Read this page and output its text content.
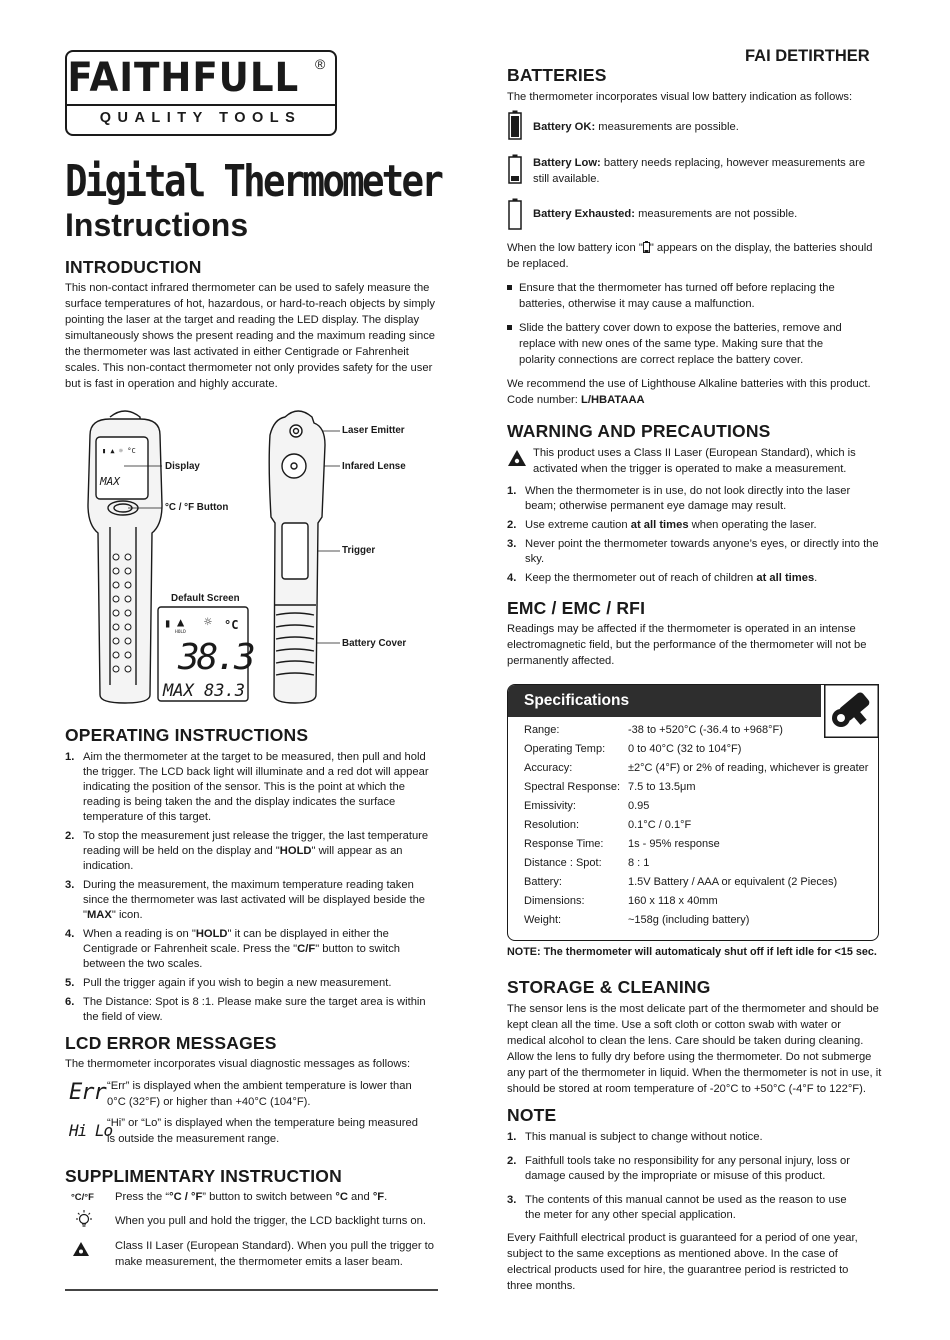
FAITHFULL ®
QUALITY TOOLS
Digital Thermometer
Instructions
INTRODUCTION

This non-contact infrared thermometer can be used to safely measure the surface temperatures of hot, hazardous, or hard-to-reach objects by simply pointing the laser at the target and reading the LED display. The display simultaneously shows the present reading and the maximum reading since the thermometer was last activated in either Centigrade or Fahrenheit scales. This non-contact thermometer not only provides safety for the user but is fast in operation and highly accurate.

▮ ▲ ☼ °C
MAX
▮ ▲
HOLD
☼ °C
38.3
MAX 83.3
Display
°C / °F Button
Laser Emitter
Infared Lense
Trigger
Battery Cover
Default Screen
OPERATING INSTRUCTIONS
1. Aim the thermometer at the target to be measured, then pull and hold the trigger. The LCD back light will illuminate and a red dot will appear indicating the position of the sensor. This is the point at which the reading is being taken the and the display indicates the surface temperature of this target.
2. To stop the measurement just release the trigger, the last temperature reading will be held on the display and "HOLD" will appear as an indication.
3. During the measurement, the maximum temperature reading taken since the thermometer was last activated will be displayed beside the "MAX" icon.
4. When a reading is on "HOLD" it can be displayed in either the Centigrade or Fahrenheit scale. Press the "C/F" button to switch between the two scales.
5. Pull the trigger again if you wish to begin a new measurement.
6. The Distance: Spot is 8 :1. Please make sure the target area is within the field of view.
LCD ERROR MESSAGES

The thermometer incorporates visual diagnostic messages as follows:

Err “Err” is displayed when the ambient temperature is lower than 0°C (32°F) or higher than +40°C (104°F).

Hi Lo

“Hi” or “Lo” is displayed when the temperature being measured is outside the measurement range.

SUPPLIMENTARY INSTRUCTION
°C/°F Press the “°C / °F” button to switch between °C and °F.

When you pull and hold the trigger, the LCD backlight turns on.

Class II Laser (European Standard). When you pull the trigger to make measurement, the thermometer emits a laser beam.

FAI DETIRTHER
BATTERIES

The thermometer incorporates visual low battery indication as follows:

Battery OK: measurements are possible.

Battery Low: battery needs replacing, however measurements are still available.

Battery Exhausted: measurements are not possible.

When the low battery icon " " appears on the display, the batteries should be replaced.

Ensure that the thermometer has turned off before replacing the batteries, otherwise it may cause a malfunction.
Slide the battery cover down to expose the batteries, remove and replace with new ones of the same type. Making sure that the polarity connections are correct replace the battery cover.

We recommend the use of Lighthouse Alkaline batteries with this product.

Code number: L/HBATAAA

WARNING AND PRECAUTIONS

This product uses a Class II Laser (European Standard), which is activated when the trigger is operated to make a measurement.

1. When the thermometer is in use, do not look directly into the laser beam; otherwise permanent eye damage may result.
2. Use extreme caution at all times when operating the laser.
3. Never point the thermometer towards anyone’s eyes, or directly into the sky.
4. Keep the thermometer out of reach of children at all times.
EMC / EMC / RFI

Readings may be affected if the thermometer is operated in an intense electromagnetic field, but the performance of the thermometer will not be permanently affected.

Specifications
Range:	-38 to +520°C (-36.4 to +968°F)
Operating Temp: 0 to 40°C (32 to 104°F)
Accuracy:	±2°C (4°F) or 2% of reading, whichever is greater
Spectral Response: 7.5 to 13.5μm
Emissivity:	0.95
Resolution:	0.1°C / 0.1°F
Response Time: 1s - 95% response
Distance : Spot: 8 : 1
Battery:	1.5V Battery / AAA or equivalent (2 Pieces)
Dimensions:	160 x 118 x 40mm
Weight:	~158g (including battery)

NOTE: The thermometer will automaticaly shut off if left idle for <15 sec.

STORAGE & CLEANING

The sensor lens is the most delicate part of the thermometer and should be kept clean all the time. Use a soft cloth or cotton swab with water or medical alcohol to clean the lens. Care should be taken during cleaning. Allow the lens to fully dry before using the thermometer. Do not submerge any part of the thermometer in liquid. When the thermometer is not in use, it should be stored at room temperature of -20°C to +50°C (-4°F to 122°F).

NOTE
1. This manual is subject to change without notice.
2. Faithfull tools take no responsibility for any personal injury, loss or damage caused by the impropriate or misuse of this product.
3. The contents of this manual cannot be used as the reason to use the meter for any other special application.

Every Faithfull electrical product is guaranteed for a period of one year, subject to the same exceptions as mentioned above. In the case of electrical products used for hire, the guarantree period is restricted to three months.
